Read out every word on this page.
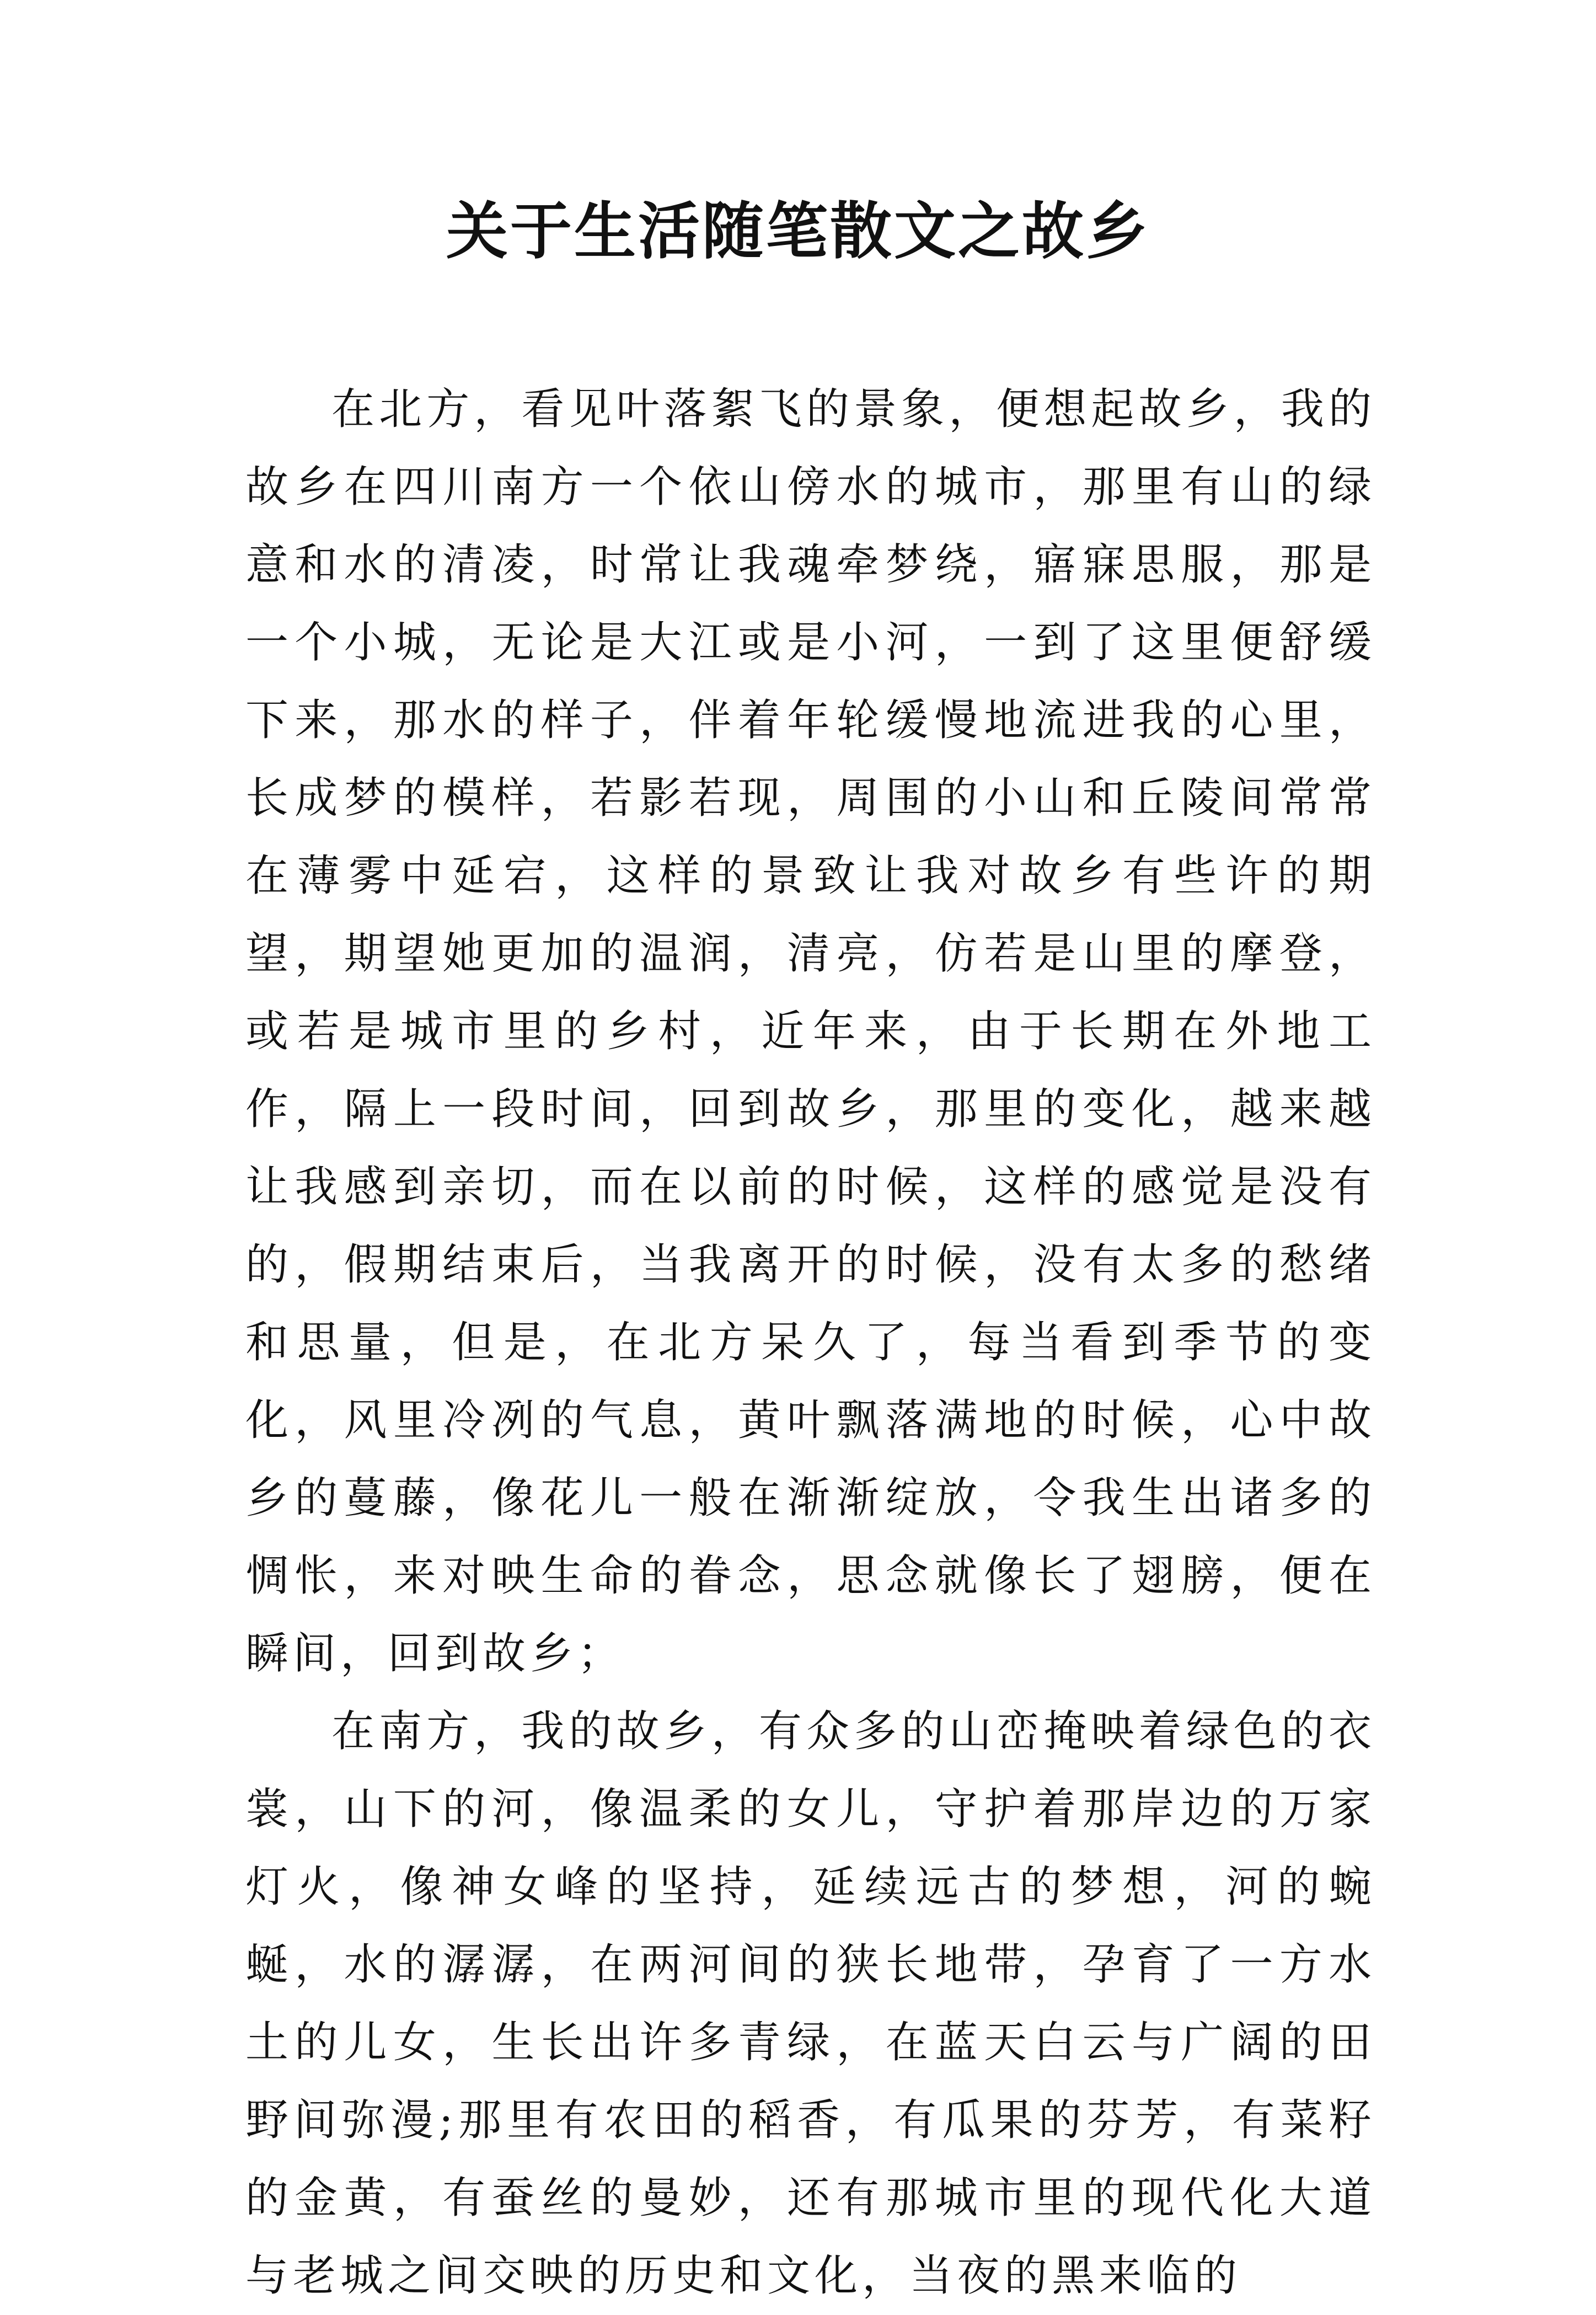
关于生活随笔散文之故乡

在北方，看见叶落絮飞的景象，便想起故乡，我的故乡在四川南方一个依山傍水的城市，那里有山的绿意和水的清凌，时常让我魂牵梦绕，寤寐思服，那是一个小城，无论是大江或是小河，一到了这里便舒缓下来，那水的样子，伴着年轮缓慢地流进我的心里，长成梦的模样，若影若现，周围的小山和丘陵间常常在薄雾中延宕，这样的景致让我对故乡有些许的期望，期望她更加的温润，清亮，仿若是山里的摩登，或若是城市里的乡村，近年来，由于长期在外地工作，隔上一段时间，回到故乡，那里的变化，越来越让我感到亲切，而在以前的时候，这样的感觉是没有的，假期结束后，当我离开的时候，没有太多的愁绪和思量，但是，在北方呆久了，每当看到季节的变化，风里冷冽的气息，黄叶飘落满地的时候，心中故乡的蔓藤，像花儿一般在渐渐绽放，令我生出诸多的惆怅，来对映生命的眷念，思念就像长了翅膀，便在瞬间，回到故乡；

在南方，我的故乡，有众多的山峦掩映着绿色的衣裳，山下的河，像温柔的女儿，守护着那岸边的万家灯火，像神女峰的坚持，延续远古的梦想，河的蜿蜒，水的潺潺，在两河间的狭长地带，孕育了一方水土的儿女，生长出许多青绿，在蓝天白云与广阔的田野间弥漫;那里有农田的稻香，有瓜果的芬芳，有菜籽的金黄，有蚕丝的曼妙，还有那城市里的现代化大道与老城之间交映的历史和文化，当夜的黑来临的
